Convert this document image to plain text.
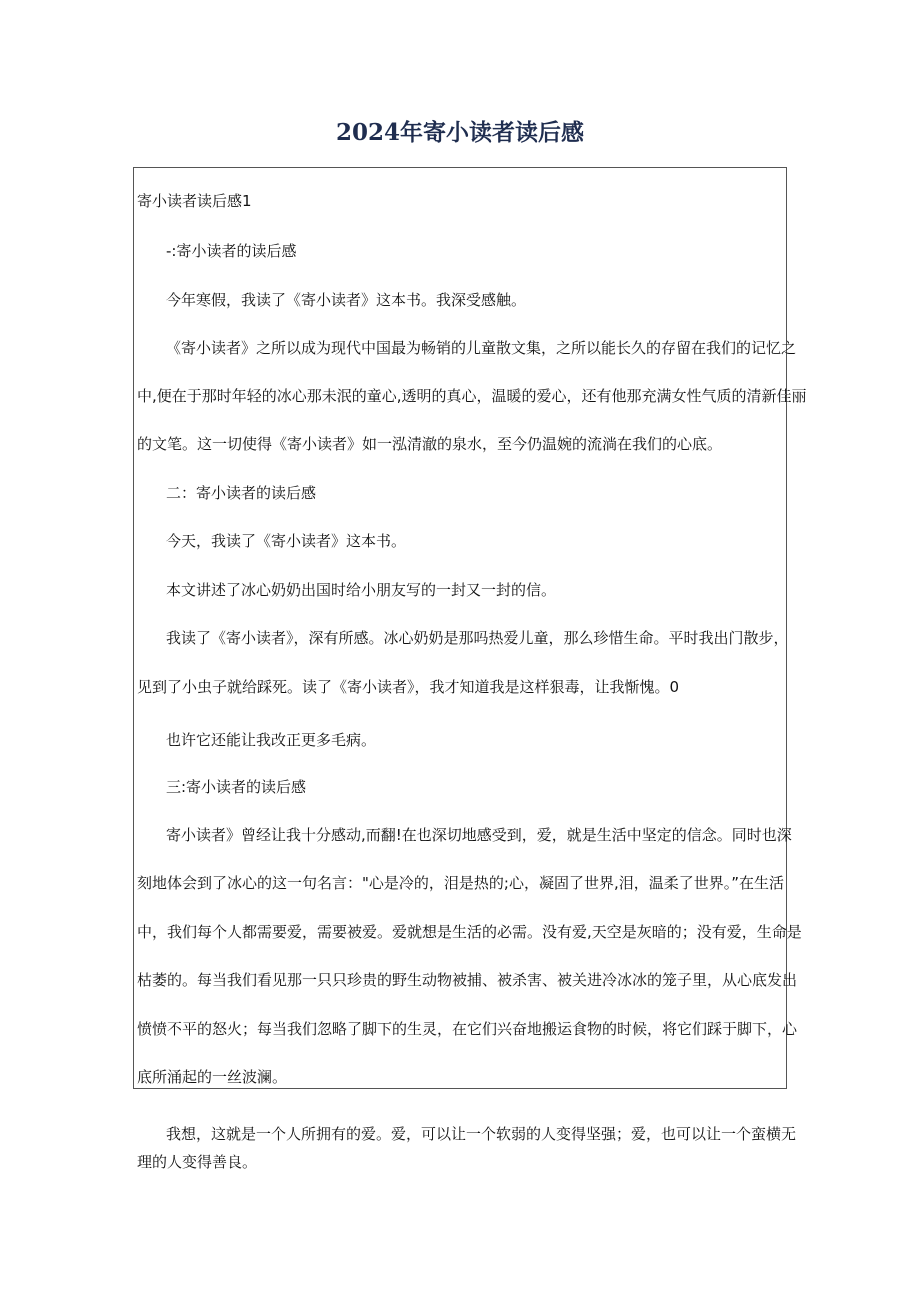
2024年寄小读者读后感
寄小读者读后感1
-:寄小读者的读后感
今年寒假，我读了《寄小读者》这本书。我深受感触。
《寄小读者》之所以成为现代中国最为畅销的儿童散文集，之所以能长久的存留在我们的记忆之
中,便在于那时年轻的冰心那未泯的童心,透明的真心，温暖的爱心，还有他那充满女性气质的清新佳丽
的文笔。这一切使得《寄小读者》如一泓清澈的泉水，至今仍温婉的流淌在我们的心底。
二：寄小读者的读后感
今天，我读了《寄小读者》这本书。
本文讲述了冰心奶奶出国时给小朋友写的一封又一封的信。
我读了《寄小读者》，深有所感。冰心奶奶是那吗热爱儿童，那么珍惜生命。平时我出门散步，
见到了小虫子就给踩死。读了《寄小读者》，我才知道我是这样狠毒，让我惭愧。0
也许它还能让我改正更多毛病。
三:寄小读者的读后感
寄小读者》曾经让我十分感动,而翻!在也深切地感受到，爱，就是生活中坚定的信念。同时也深
刻地体会到了冰心的这一句名言："心是冷的，泪是热的;心，凝固了世界,泪，温柔了世界。”在生活
中，我们每个人都需要爱，需要被爱。爱就想是生活的必需。没有爱,天空是灰暗的；没有爱，生命是
枯萎的。每当我们看见那一只只珍贵的野生动物被捕、被杀害、被关进冷冰冰的笼子里，从心底发出
愤愤不平的怒火；每当我们忽略了脚下的生灵，在它们兴奋地搬运食物的时候，将它们踩于脚下，心
底所涌起的一丝波澜。
我想，这就是一个人所拥有的爱。爱，可以让一个软弱的人变得坚强；爱，也可以让一个蛮横无
理的人变得善良。
